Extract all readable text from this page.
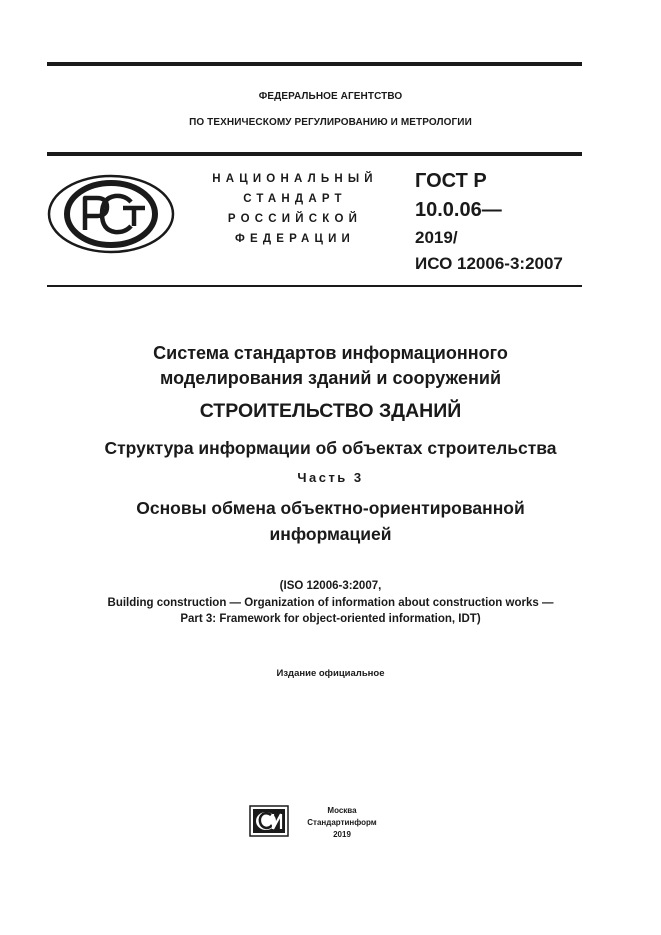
ФЕДЕРАЛЬНОЕ АГЕНТСТВО
ПО ТЕХНИЧЕСКОМУ РЕГУЛИРОВАНИЮ И МЕТРОЛОГИИ
НАЦИОНАЛЬНЫЙ
СТАНДАРТ
РОССИЙСКОЙ
ФЕДЕРАЦИИ
ГОСТ Р
10.0.06—
2019/
ИСО 12006-3:2007
Система стандартов информационного
моделирования зданий и сооружений
СТРОИТЕЛЬСТВО ЗДАНИЙ
Структура информации об объектах строительства
Часть 3
Основы обмена объектно-ориентированной
информацией
(ISO 12006-3:2007,
Building construction — Organization of information about construction works —
Part 3: Framework for object-oriented information, IDT)
Издание официальное
Москва
Стандартинформ
2019
